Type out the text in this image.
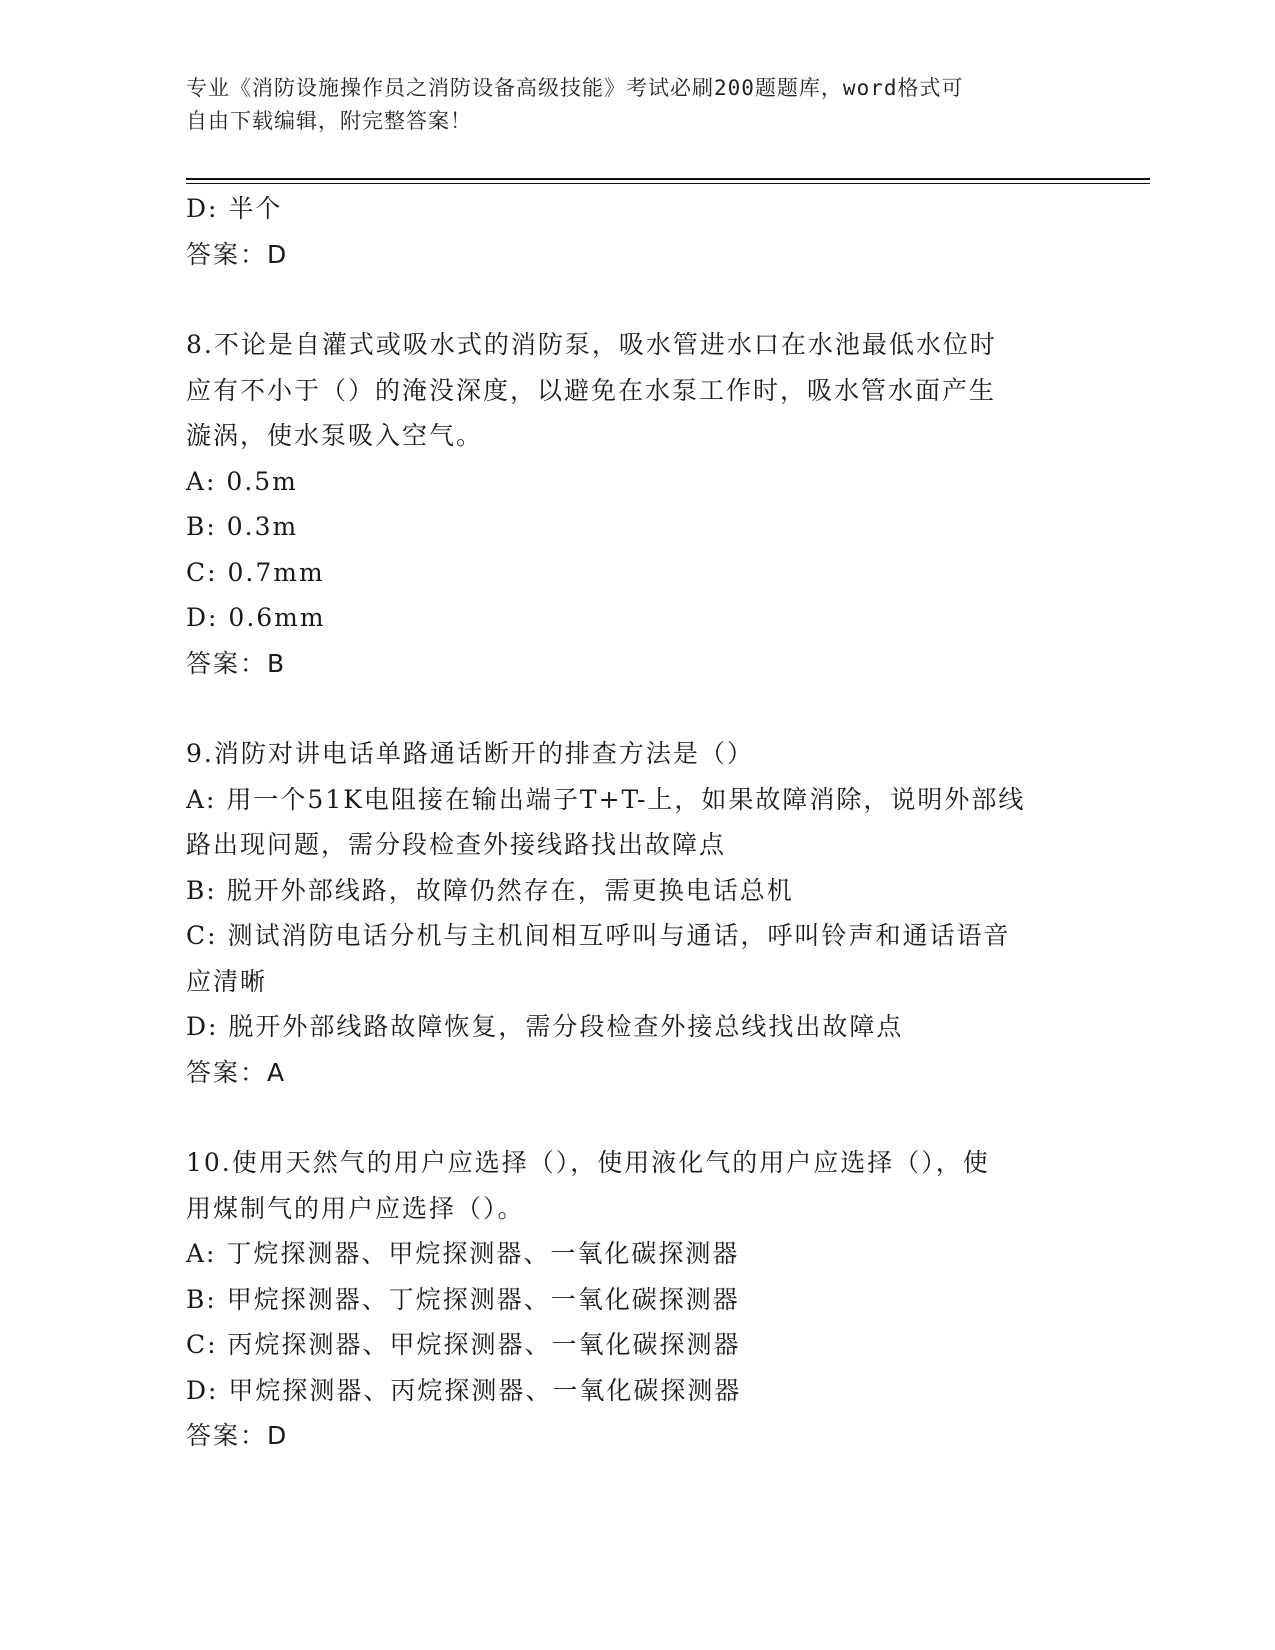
专业《消防设施操作员之消防设备高级技能》考试必刷200题题库，word格式可
自由下载编辑，附完整答案！
D: 半个
答案：D
8.不论是自灌式或吸水式的消防泵，吸水管进水口在水池最低水位时
应有不小于（）的淹没深度，以避免在水泵工作时，吸水管水面产生
漩涡，使水泵吸入空气。
A: 0.5m
B: 0.3m
C: 0.7mm
D: 0.6mm
答案：B
9.消防对讲电话单路通话断开的排查方法是（）
A: 用一个51K电阻接在输出端子T+T-上，如果故障消除，说明外部线
路出现问题，需分段检查外接线路找出故障点
B: 脱开外部线路，故障仍然存在，需更换电话总机
C: 测试消防电话分机与主机间相互呼叫与通话，呼叫铃声和通话语音
应清晰
D: 脱开外部线路故障恢复，需分段检查外接总线找出故障点
答案：A
10.使用天然气的用户应选择（），使用液化气的用户应选择（），使
用煤制气的用户应选择（）。
A: 丁烷探测器、甲烷探测器、一氧化碳探测器
B: 甲烷探测器、丁烷探测器、一氧化碳探测器
C: 丙烷探测器、甲烷探测器、一氧化碳探测器
D: 甲烷探测器、丙烷探测器、一氧化碳探测器
答案：D
